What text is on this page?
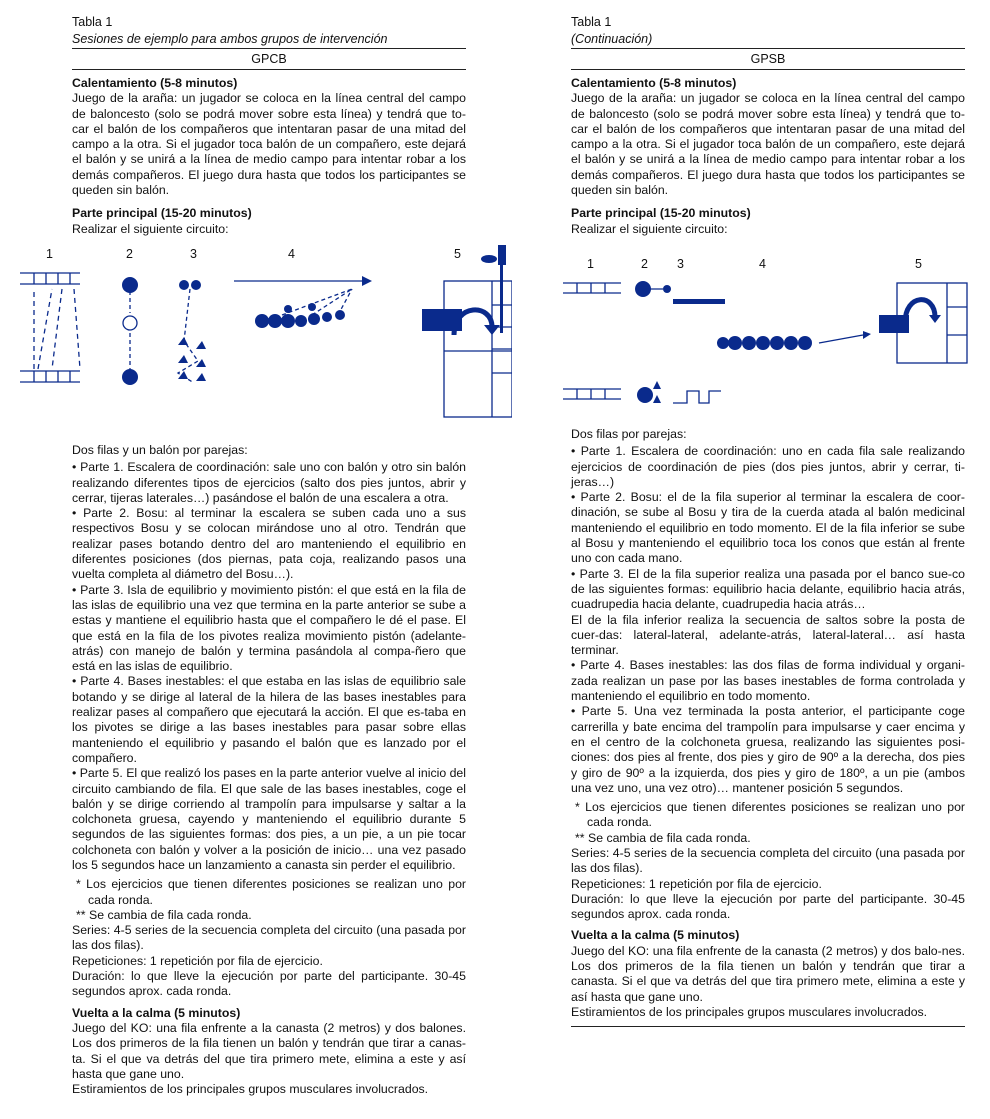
Tabla 1
Sesiones de ejemplo para ambos grupos de intervención
GPCB
Calentamiento (5-8 minutos)

Juego de la araña: un jugador se coloca en la línea central del campo de baloncesto (solo se podrá mover sobre esta línea) y tendrá que to-car el balón de los compañeros que intentaran pasar de una mitad del campo a la otra. Si el jugador toca balón de un compañero, este dejará el balón y se unirá a la línea de medio campo para intentar robar a los demás compañeros. El juego dura hasta que todos los participantes se queden sin balón.

Parte principal (15-20 minutos)

Realizar el siguiente circuito:

1	2	3	4	5

Dos filas y un balón por parejas:

• Parte 1. Escalera de coordinación: sale uno con balón y otro sin balón realizando diferentes tipos de ejercicios (salto dos pies juntos, abrir y cerrar, tijeras laterales…) pasándose el balón de una escalera a otra.

• Parte 2. Bosu: al terminar la escalera se suben cada uno a sus respectivos Bosu y se colocan mirándose uno al otro. Tendrán que realizar pases botando dentro del aro manteniendo el equilibrio en diferentes posiciones (dos piernas, pata coja, realizando pasos una vuelta completa al diámetro del Bosu…).

• Parte 3. Isla de equilibrio y movimiento pistón: el que está en la fila de las islas de equilibrio una vez que termina en la parte anterior se sube a estas y mantiene el equilibrio hasta que el compañero le dé el pase. El que está en la fila de los pivotes realiza movimiento pistón (adelante-atrás) con manejo de balón y termina pasándola al compa-ñero que está en las islas de equilibrio.

• Parte 4. Bases inestables: el que estaba en las islas de equilibrio sale botando y se dirige al lateral de la hilera de las bases inestables para realizar pases al compañero que ejecutará la acción. El que es-taba en los pivotes se dirige a las bases inestables para pasar sobre ellas manteniendo el equilibrio y pasando el balón que es lanzado por el compañero.

• Parte 5. El que realizó los pases en la parte anterior vuelve al inicio del circuito cambiando de fila. El que sale de las bases inestables, coge el balón y se dirige corriendo al trampolín para impulsarse y saltar a la colchoneta gruesa, cayendo y manteniendo el equilibrio durante 5 segundos de las siguientes formas: dos pies, a un pie, a un pie tocar colchoneta con balón y volver a la posición de inicio… una vez pasado los 5 segundos hace un lanzamiento a canasta sin perder el equilibrio.

* Los ejercicios que tienen diferentes posiciones se realizan uno por cada ronda.

** Se cambia de fila cada ronda.

Series: 4-5 series de la secuencia completa del circuito (una pasada por las dos filas).

Repeticiones: 1 repetición por fila de ejercicio.

Duración: lo que lleve la ejecución por parte del participante. 30-45 segundos aprox. cada ronda.

Vuelta a la calma (5 minutos)

Juego del KO: una fila enfrente a la canasta (2 metros) y dos balones. Los dos primeros de la fila tienen un balón y tendrán que tirar a canas-ta. Si el que va detrás del que tira primero mete, elimina a este y así hasta que gane uno.

Estiramientos de los principales grupos musculares involucrados.

Tabla 1
(Continuación)
GPSB
Calentamiento (5-8 minutos)

Juego de la araña: un jugador se coloca en la línea central del campo de baloncesto (solo se podrá mover sobre esta línea) y tendrá que to-car el balón de los compañeros que intentaran pasar de una mitad del campo a la otra. Si el jugador toca balón de un compañero, este dejará el balón y se unirá a la línea de medio campo para intentar robar a los demás compañeros. El juego dura hasta que todos los participantes se queden sin balón.

Parte principal (15-20 minutos)

Realizar el siguiente circuito:

1	2 3	4	5

Dos filas por parejas:

• Parte 1. Escalera de coordinación: uno en cada fila sale realizando ejercicios de coordinación de pies (dos pies juntos, abrir y cerrar, ti-jeras…)

• Parte 2. Bosu: el de la fila superior al terminar la escalera de coor-dinación, se sube al Bosu y tira de la cuerda atada al balón medicinal manteniendo el equilibrio en todo momento. El de la fila inferior se sube al Bosu y manteniendo el equilibrio toca los conos que están al frente uno con cada mano.

• Parte 3. El de la fila superior realiza una pasada por el banco sue-co de las siguientes formas: equilibrio hacia delante, equilibrio hacia atrás, cuadrupedia hacia delante, cuadrupedia hacia atrás…

El de la fila inferior realiza la secuencia de saltos sobre la posta de cuer-das: lateral-lateral, adelante-atrás, lateral-lateral… así hasta terminar.

• Parte 4. Bases inestables: las dos filas de forma individual y organi-zada realizan un pase por las bases inestables de forma controlada y manteniendo el equilibrio en todo momento.

• Parte 5. Una vez terminada la posta anterior, el participante coge carrerilla y bate encima del trampolín para impulsarse y caer encima y en el centro de la colchoneta gruesa, realizando las siguientes posi-ciones: dos pies al frente, dos pies y giro de 90º a la derecha, dos pies y giro de 90º a la izquierda, dos pies y giro de 180º, a un pie (ambos una vez uno, una vez otro)… mantener posición 5 segundos.

* Los ejercicios que tienen diferentes posiciones se realizan uno por cada ronda.

** Se cambia de fila cada ronda.

Series: 4-5 series de la secuencia completa del circuito (una pasada por las dos filas).

Repeticiones: 1 repetición por fila de ejercicio.

Duración: lo que lleve la ejecución por parte del participante. 30-45 segundos aprox. cada ronda.

Vuelta a la calma (5 minutos)

Juego del KO: una fila enfrente de la canasta (2 metros) y dos balo-nes. Los dos primeros de la fila tienen un balón y tendrán que tirar a canasta. Si el que va detrás del que tira primero mete, elimina a este y así hasta que gane uno.

Estiramientos de los principales grupos musculares involucrados.
